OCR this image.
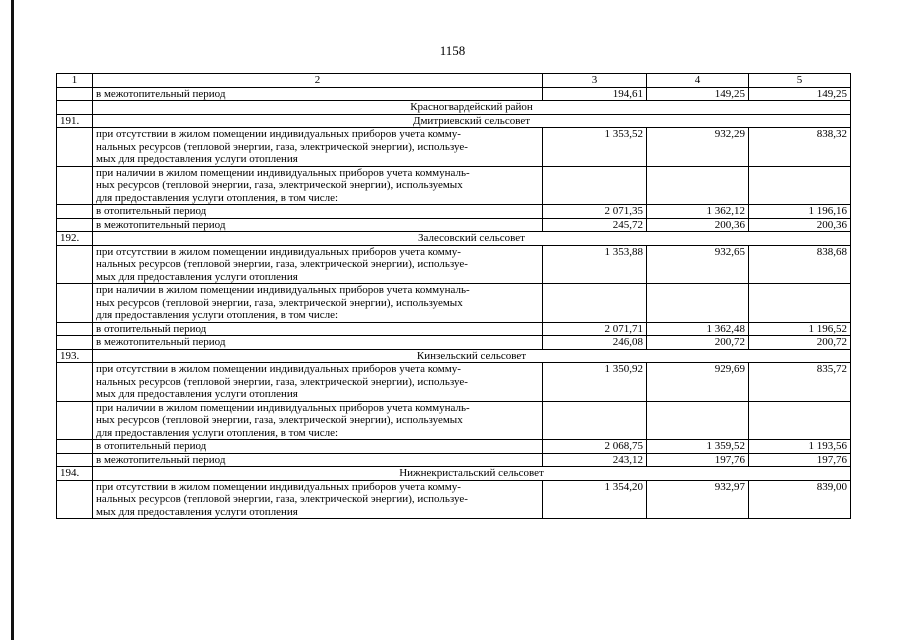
1158
1	2	3	4	5
	в межотопительный период	194,61	149,25	149,25
	Красногвардейский район			
191.	Дмитриевский сельсовет			
	при отсутствии в жилом помещении индивидуальных приборов учета комму-
нальных ресурсов (тепловой энергии, газа, электрической энергии), используе-
мых для предоставления услуги отопления	1 353,52	932,29	838,32
	при наличии в жилом помещении индивидуальных приборов учета коммуналь-
ных ресурсов (тепловой энергии, газа, электрической энергии), используемых
для предоставления услуги отопления, в том числе:			
	в отопительный период	2 071,35	1 362,12	1 196,16
	в межотопительный период	245,72	200,36	200,36
192.	Залесовский сельсовет			
	при отсутствии в жилом помещении индивидуальных приборов учета комму-
нальных ресурсов (тепловой энергии, газа, электрической энергии), используе-
мых для предоставления услуги отопления	1 353,88	932,65	838,68
	при наличии в жилом помещении индивидуальных приборов учета коммуналь-
ных ресурсов (тепловой энергии, газа, электрической энергии), используемых
для предоставления услуги отопления, в том числе:			
	в отопительный период	2 071,71	1 362,48	1 196,52
	в межотопительный период	246,08	200,72	200,72
193.	Кинзельский сельсовет			
	при отсутствии в жилом помещении индивидуальных приборов учета комму-
нальных ресурсов (тепловой энергии, газа, электрической энергии), используе-
мых для предоставления услуги отопления	1 350,92	929,69	835,72
	при наличии в жилом помещении индивидуальных приборов учета коммуналь-
ных ресурсов (тепловой энергии, газа, электрической энергии), используемых
для предоставления услуги отопления, в том числе:			
	в отопительный период	2 068,75	1 359,52	1 193,56
	в межотопительный период	243,12	197,76	197,76
194.	Нижнекристальский сельсовет			
	при отсутствии в жилом помещении индивидуальных приборов учета комму-
нальных ресурсов (тепловой энергии, газа, электрической энергии), используе-
мых для предоставления услуги отопления	1 354,20	932,97	839,00
